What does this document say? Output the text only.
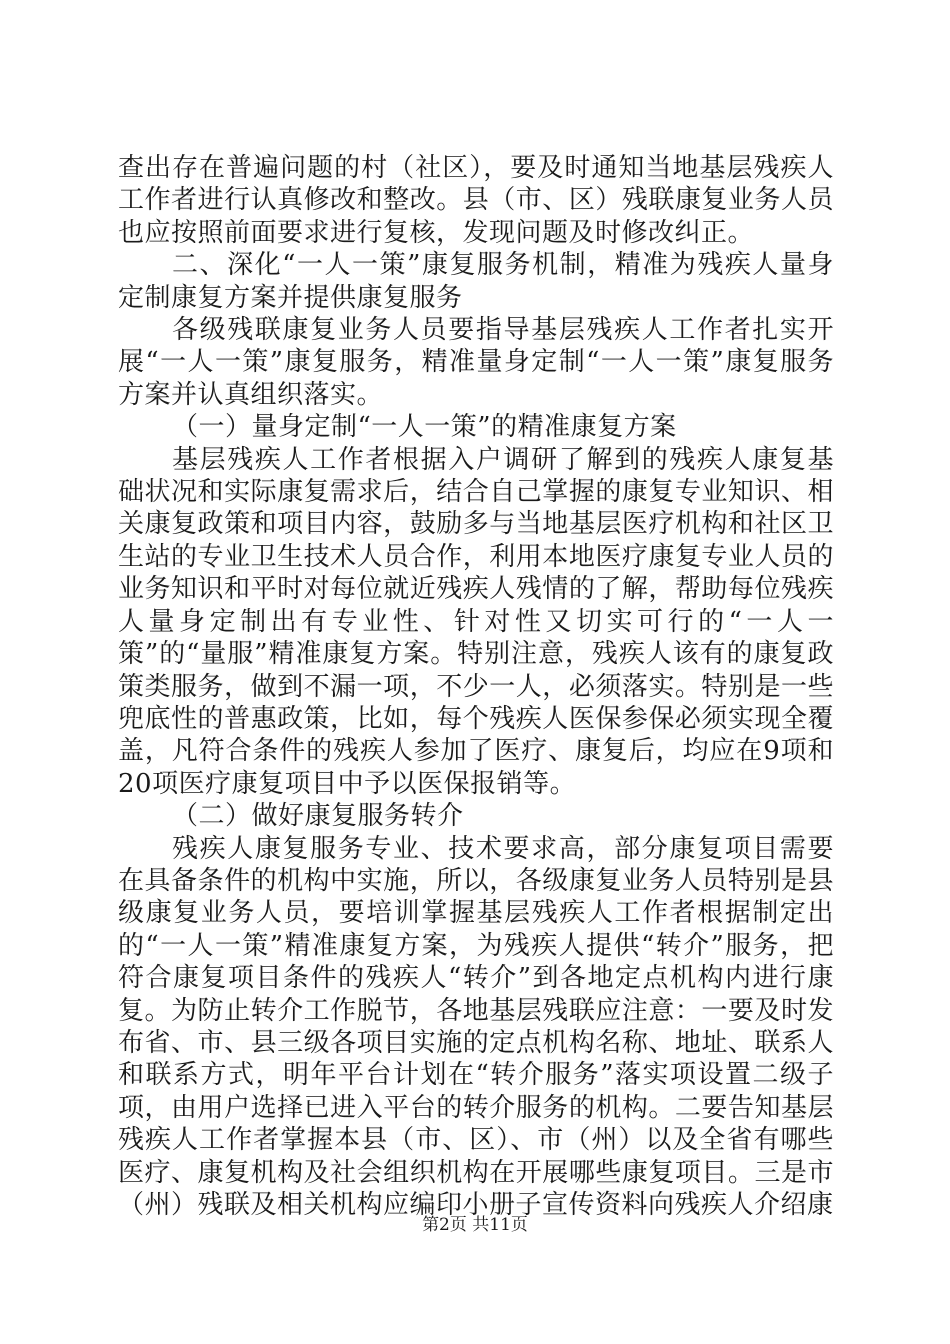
查出存在普遍问题的村（社区），要及时通知当地基层残疾人工作者进行认真修改和整改。县（市、区）残联康复业务人员也应按照前面要求进行复核，发现问题及时修改纠正。

二、深化“一人一策”康复服务机制，精准为残疾人量身定制康复方案并提供康复服务

各级残联康复业务人员要指导基层残疾人工作者扎实开展“一人一策”康复服务，精准量身定制“一人一策”康复服务方案并认真组织落实。

（一）量身定制“一人一策”的精准康复方案

基层残疾人工作者根据入户调研了解到的残疾人康复基础状况和实际康复需求后，结合自己掌握的康复专业知识、相关康复政策和项目内容，鼓励多与当地基层医疗机构和社区卫生站的专业卫生技术人员合作，利用本地医疗康复专业人员的业务知识和平时对每位就近残疾人残情的了解，帮助每位残疾人量身定制出有专业性、针对性又切实可行的“一人一策”的“量服”精准康复方案。特别注意，残疾人该有的康复政策类服务，做到不漏一项，不少一人，必须落实。特别是一些兜底性的普惠政策，比如，每个残疾人医保参保必须实现全覆盖，凡符合条件的残疾人参加了医疗、康复后，均应在9项和20项医疗康复项目中予以医保报销等。

（二）做好康复服务转介

残疾人康复服务专业、技术要求高，部分康复项目需要在具备条件的机构中实施，所以，各级康复业务人员特别是县级康复业务人员，要培训掌握基层残疾人工作者根据制定出的“一人一策”精准康复方案，为残疾人提供“转介”服务，把符合康复项目条件的残疾人“转介”到各地定点机构内进行康复。为防止转介工作脱节，各地基层残联应注意：一要及时发布省、市、县三级各项目实施的定点机构名称、地址、联系人和联系方式，明年平台计划在“转介服务”落实项设置二级子项，由用户选择已进入平台的转介服务的机构。二要告知基层残疾人工作者掌握本县（市、区）、市（州）以及全省有哪些医疗、康复机构及社会组织机构在开展哪些康复项目。三是市（州）残联及相关机构应编印小册子宣传资料向残疾人介绍康

第2页 共11页
